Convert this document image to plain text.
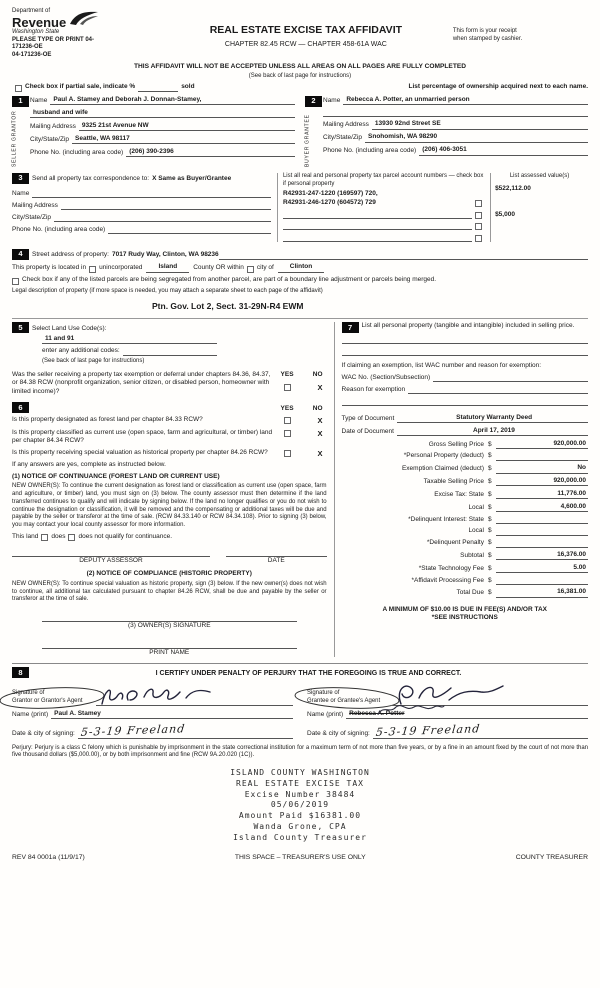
Department of
Revenue
Washington State
PLEASE TYPE OR PRINT 04-
171236-OE
04-171236-OE
REAL ESTATE EXCISE TAX AFFIDAVIT
CHAPTER 82.45 RCW — CHAPTER 458-61A WAC
This form is your receipt
when stamped by cashier.
THIS AFFIDAVIT WILL NOT BE ACCEPTED UNLESS ALL AREAS ON ALL PAGES ARE FULLY COMPLETED
(See back of last page for instructions)
Check box if partial sale, indicate %	sold	List percentage of ownership acquired next to each name.
1
SELLER GRANTOR
Name Paul A. Stamey and Deborah J. Donnan-Stamey,
husband and wife
Mailing Address 9325 21st Avenue NW
City/State/Zip Seattle, WA 98117
Phone No. (including area code) (206) 390-2396
2
BUYER GRANTEE
Name Rebecca A. Potter, an unmarried person
Mailing Address 13930 92nd Street SE
City/State/Zip Snohomish, WA 98290
Phone No. (including area code) (206) 406-3051
3	Send all property tax correspondence to: X Same as Buyer/Grantee
Name
Mailing Address
City/State/Zip
Phone No. (including area code)
List all real and personal property tax parcel account numbers — check box if personal property
R42931-247-1220 (169597) 720,
R42931-246-1270 (604572) 729
List assessed value(s)
$522,112.00
$5,000
4	Street address of property: 7017 Rudy Way, Clinton, WA 98236
This property is located in unincorporated	Island	County OR within city of	Clinton
Check box if any of the listed parcels are being segregated from another parcel, are part of a boundary line adjustment or parcels being merged.
Legal description of property (if more space is needed, you may attach a separate sheet to each page of the affidavit)
Ptn. Gov. Lot 2, Sect. 31-29N-R4 EWM
5	Select Land Use Code(s):
11 and 91
enter any additional codes:
(See back of last page for instructions)
Was the seller receiving a property tax exemption or deferral under chapters 84.36, 84.37, or 84.38 RCW (nonprofit organization, senior citizen, or disabled person, homeowner with limited income)?
YES	NO
X
6	YES	NO
Is this property designated as forest land per chapter 84.33 RCW?	X
Is this property classified as current use (open space, farm and agricultural, or timber) land per chapter 84.34 RCW?
X
Is this property receiving special valuation as historical property per chapter 84.26 RCW?	X
If any answers are yes, complete as instructed below.
(1) NOTICE OF CONTINUANCE (FOREST LAND OR CURRENT USE)
NEW OWNER(S): To continue the current designation as forest land or classification as current use (open space, farm and agriculture, or timber) land, you must sign on (3) below. The county assessor must then determine if the land transferred continues to qualify and will indicate by signing below. If the land no longer qualifies or you do not wish to continue the designation or classification, it will be removed and the compensating or additional taxes will be due and payable by the seller or transferor at the time of sale. (RCW 84.33.140 or RCW 84.34.108). Prior to signing (3) below, you may contact your local county assessor for more information.
This land does does not qualify for continuance.
DEPUTY ASSESSOR	DATE
(2) NOTICE OF COMPLIANCE (HISTORIC PROPERTY)
NEW OWNER(S): To continue special valuation as historic property, sign (3) below. If the new owner(s) does not wish to continue, all additional tax calculated pursuant to chapter 84.26 RCW, shall be due and payable by the seller or transferor at the time of sale.
(3) OWNER(S) SIGNATURE
PRINT NAME
7	List all personal property (tangible and intangible) included in selling price.
If claiming an exemption, list WAC number and reason for exemption:
WAC No. (Section/Subsection)
Reason for exemption
Type of Document	Statutory Warranty Deed
Date of Document	April 17, 2019
Gross Selling Price $	920,000.00
*Personal Property (deduct) $
Exemption Claimed (deduct) $	No
Taxable Selling Price $	920,000.00
Excise Tax: State $	11,776.00
Local $	4,600.00
*Delinquent Interest: State $
Local $
*Delinquent Penalty $
Subtotal $	16,376.00
*State Technology Fee $	5.00
*Affidavit Processing Fee $
Total Due $	16,381.00
A MINIMUM OF $10.00 IS DUE IN FEE(S) AND/OR TAX
*SEE INSTRUCTIONS
8	I CERTIFY UNDER PENALTY OF PERJURY THAT THE FOREGOING IS TRUE AND CORRECT.
Signature of
Grantor or Grantor's Agent
Name (print) Paul A. Stamey
Date & city of signing: 5-3-19 Freeland
Signature of
Grantee or Grantee's Agent
Name (print) Rebecca A. Potter
Date & city of signing: 5-3-19 Freeland
Perjury: Perjury is a class C felony which is punishable by imprisonment in the state correctional institution for a maximum term of not more than five years, or by a fine in an amount fixed by the court of not more than five thousand dollars ($5,000.00), or by both imprisonment and fine (RCW 9A.20.020 (1C)).
ISLAND COUNTY WASHINGTON
REAL ESTATE EXCISE TAX
Excise Number 38484
05/06/2019
Amount Paid $16381.00
Wanda Grone, CPA
Island County Treasurer
REV 84 0001a (11/9/17)	THIS SPACE – TREASURER'S USE ONLY	COUNTY TREASURER
